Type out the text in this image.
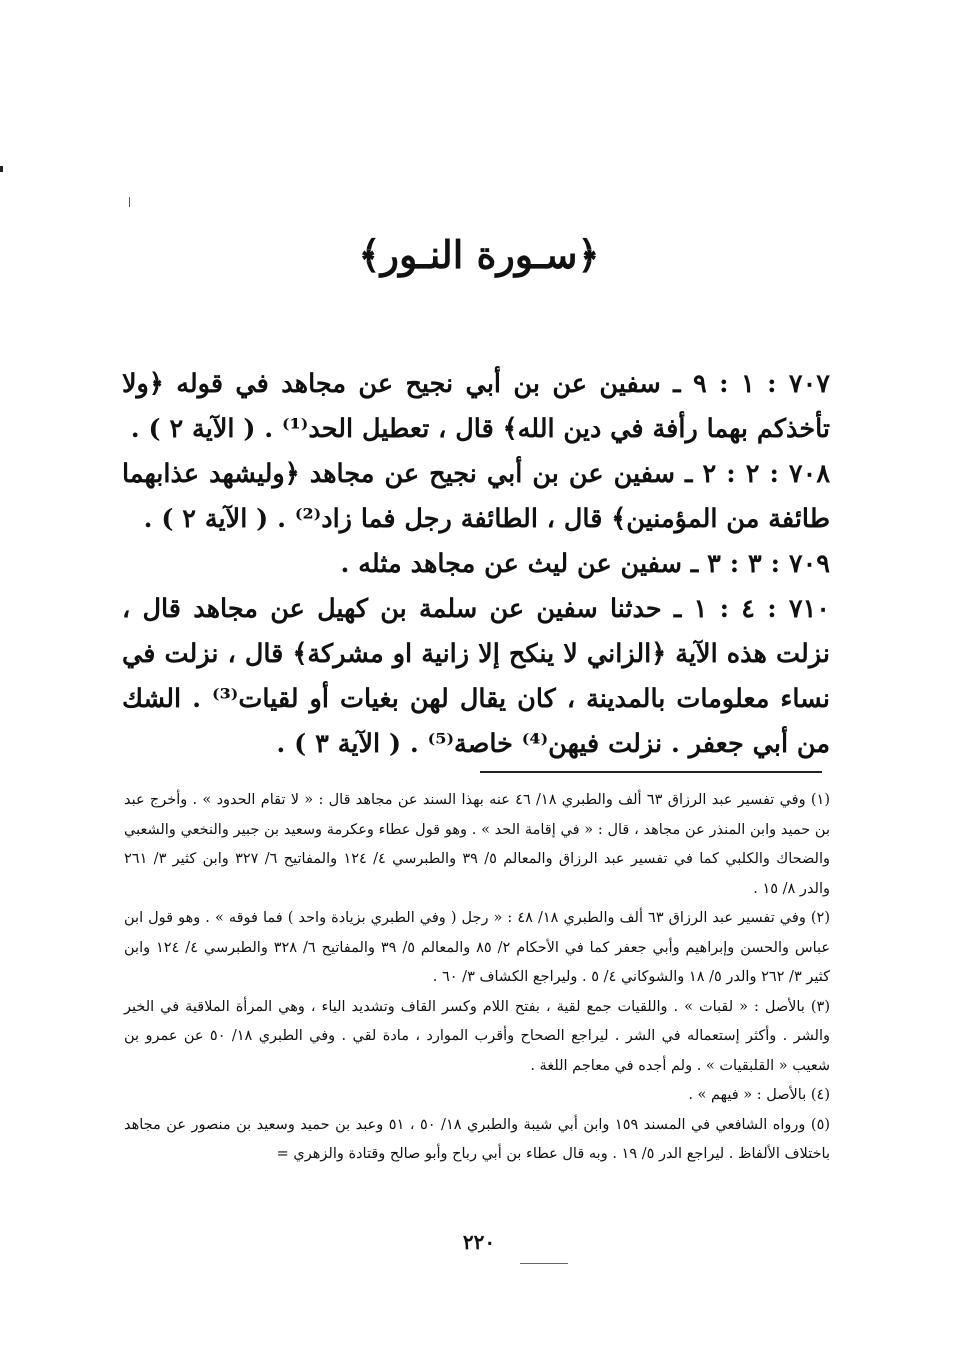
﴿سـورة النـور﴾

٧٠٧ : ١ : ٩ ـ سفين عن بن أبي نجيح عن مجاهد في قوله ﴿ولا تأخذكم بهما رأفة في دين الله﴾ قال ، تعطيل الحد⁽¹⁾ . ( الآية ٢ ) .

٧٠٨ : ٢ : ٢ ـ سفين عن بن أبي نجيح عن مجاهد ﴿وليشهد عذابهما طائفة من المؤمنين﴾ قال ، الطائفة رجل فما زاد⁽²⁾ . ( الآية ٢ ) .

٧٠٩ : ٣ : ٣ ـ سفين عن ليث عن مجاهد مثله .

٧١٠ : ٤ : ١ ـ حدثنا سفين عن سلمة بن كهيل عن مجاهد قال ، نزلت هذه الآية ﴿الزاني لا ينكح إلا زانية او مشركة﴾ قال ، نزلت في نساء معلومات بالمدينة ، كان يقال لهن بغيات أو لقيات⁽³⁾ . الشك من أبي جعفر . نزلت فيهن⁽⁴⁾ خاصة⁽⁵⁾ . ( الآية ٣ ) .

(١) وفي تفسير عبد الرزاق ٦٣ ألف والطبري ١٨/ ٤٦ عنه بهذا السند عن مجاهد قال : « لا تقام الحدود » . وأخرج عبد بن حميد وابن المنذر عن مجاهد ، قال : « في إقامة الحد » . وهو قول عطاء وعكرمة وسعيد بن جبير والنخعي والشعبي والضحاك والكلبي كما في تفسير عبد الرزاق والمعالم ٥/ ٣٩ والطبرسي ٤/ ١٢٤ والمفاتيح ٦/ ٣٢٧ وابن كثير ٣/ ٢٦١ والدر ٨/ ١٥ .

(٢) وفي تفسير عبد الرزاق ٦٣ ألف والطبري ١٨/ ٤٨ : « رجل ( وفي الطبري بزيادة واحد ) فما فوقه » . وهو قول ابن عباس والحسن وإبراهيم وأبي جعفر كما في الأحكام ٢/ ٨٥ والمعالم ٥/ ٣٩ والمفاتيح ٦/ ٣٢٨ والطبرسي ٤/ ١٢٤ وابن كثير ٣/ ٢٦٢ والدر ٥/ ١٨ والشوكاني ٤/ ٥ . وليراجع الكشاف ٣/ ٦٠ .

(٣) بالأصل : « لقبات » . واللقيات جمع لقية ، بفتح اللام وكسر القاف وتشديد الياء ، وهي المرأة الملاقية في الخير والشر . وأكثر إستعماله في الشر . ليراجع الصحاح وأقرب الموارد ، مادة لقي . وفي الطبري ١٨/ ٥٠ عن عمرو بن شعيب « القلبقيات » . ولم أجده في معاجم اللغة .

(٤) بالأصل : « فيهم » .

(٥) ورواه الشافعي في المسند ١٥٩ وابن أبي شيبة والطبري ١٨/ ٥٠ ، ٥١ وعبد بن حميد وسعيد بن منصور عن مجاهد باختلاف الألفاظ . ليراجع الدر ٥/ ١٩ . وبه قال عطاء بن أبي رباح وأبو صالح وقتادة والزهري =

٢٢٠
